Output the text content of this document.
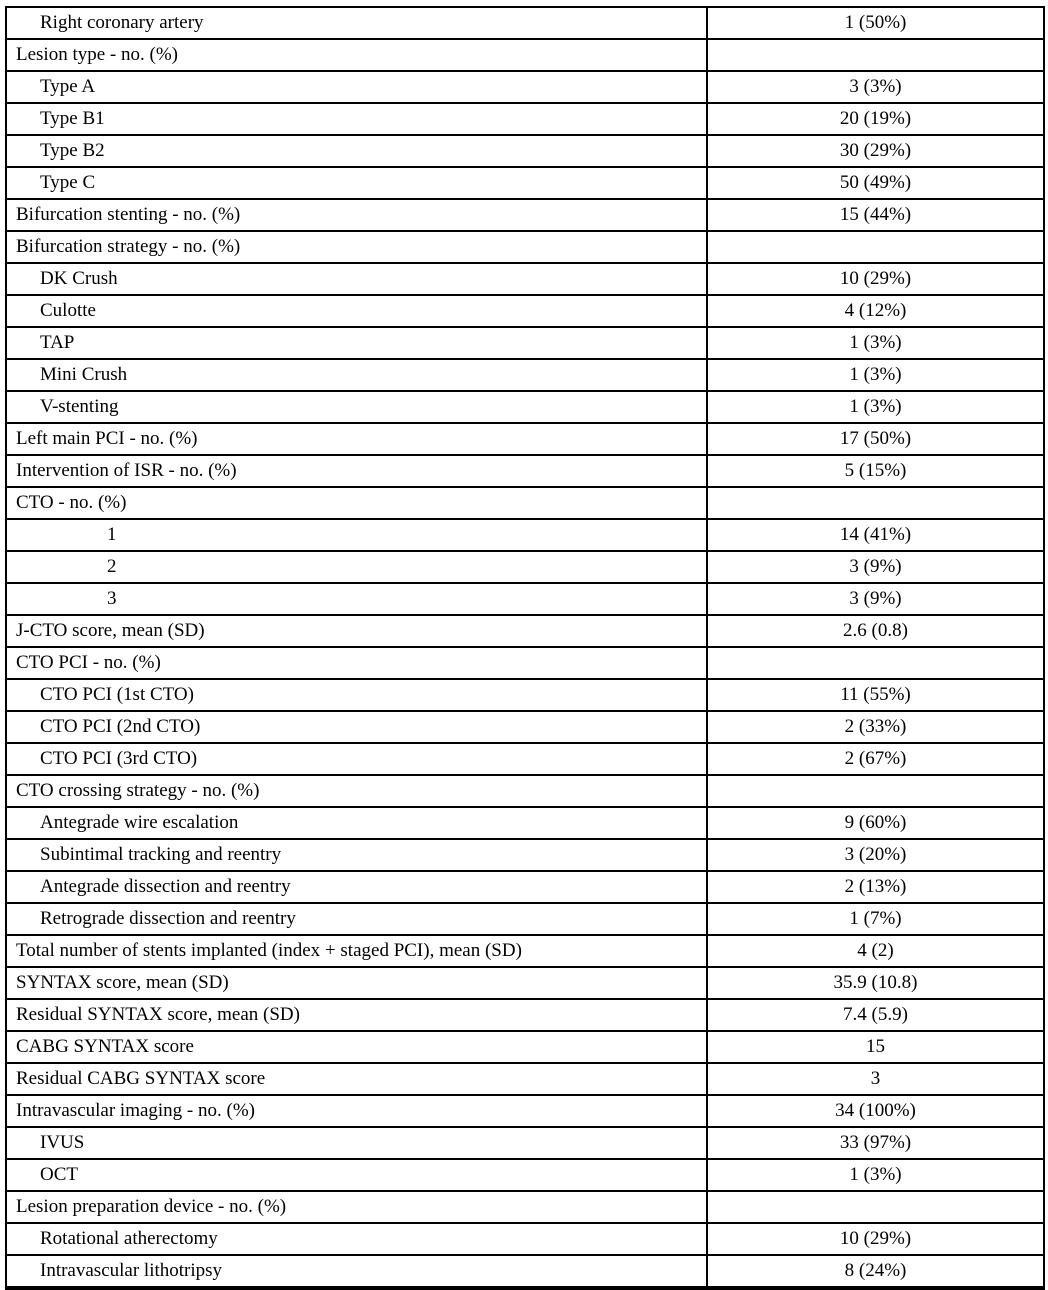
Right coronary artery	1 (50%)
Lesion type - no. (%)	
Type A	3 (3%)
Type B1	20 (19%)
Type B2	30 (29%)
Type C	50 (49%)
Bifurcation stenting - no. (%)	15 (44%)
Bifurcation strategy - no. (%)	
DK Crush	10 (29%)
Culotte	4 (12%)
TAP	1 (3%)
Mini Crush	1 (3%)
V-stenting	1 (3%)
Left main PCI - no. (%)	17 (50%)
Intervention of ISR - no. (%)	5 (15%)
CTO - no. (%)	
1	14 (41%)
2	3 (9%)
3	3 (9%)
J-CTO score, mean (SD)	2.6 (0.8)
CTO PCI - no. (%)	
CTO PCI (1st CTO)	11 (55%)
CTO PCI (2nd CTO)	2 (33%)
CTO PCI (3rd CTO)	2 (67%)
CTO crossing strategy - no. (%)	
Antegrade wire escalation	9 (60%)
Subintimal tracking and reentry	3 (20%)
Antegrade dissection and reentry	2 (13%)
Retrograde dissection and reentry	1 (7%)
Total number of stents implanted (index + staged PCI), mean (SD)	4 (2)
SYNTAX score, mean (SD)	35.9 (10.8)
Residual SYNTAX score, mean (SD)	7.4 (5.9)
CABG SYNTAX score	15
Residual CABG SYNTAX score	3
Intravascular imaging - no. (%)	34 (100%)
IVUS	33 (97%)
OCT	1 (3%)
Lesion preparation device - no. (%)	
Rotational atherectomy	10 (29%)
Intravascular lithotripsy	8 (24%)
